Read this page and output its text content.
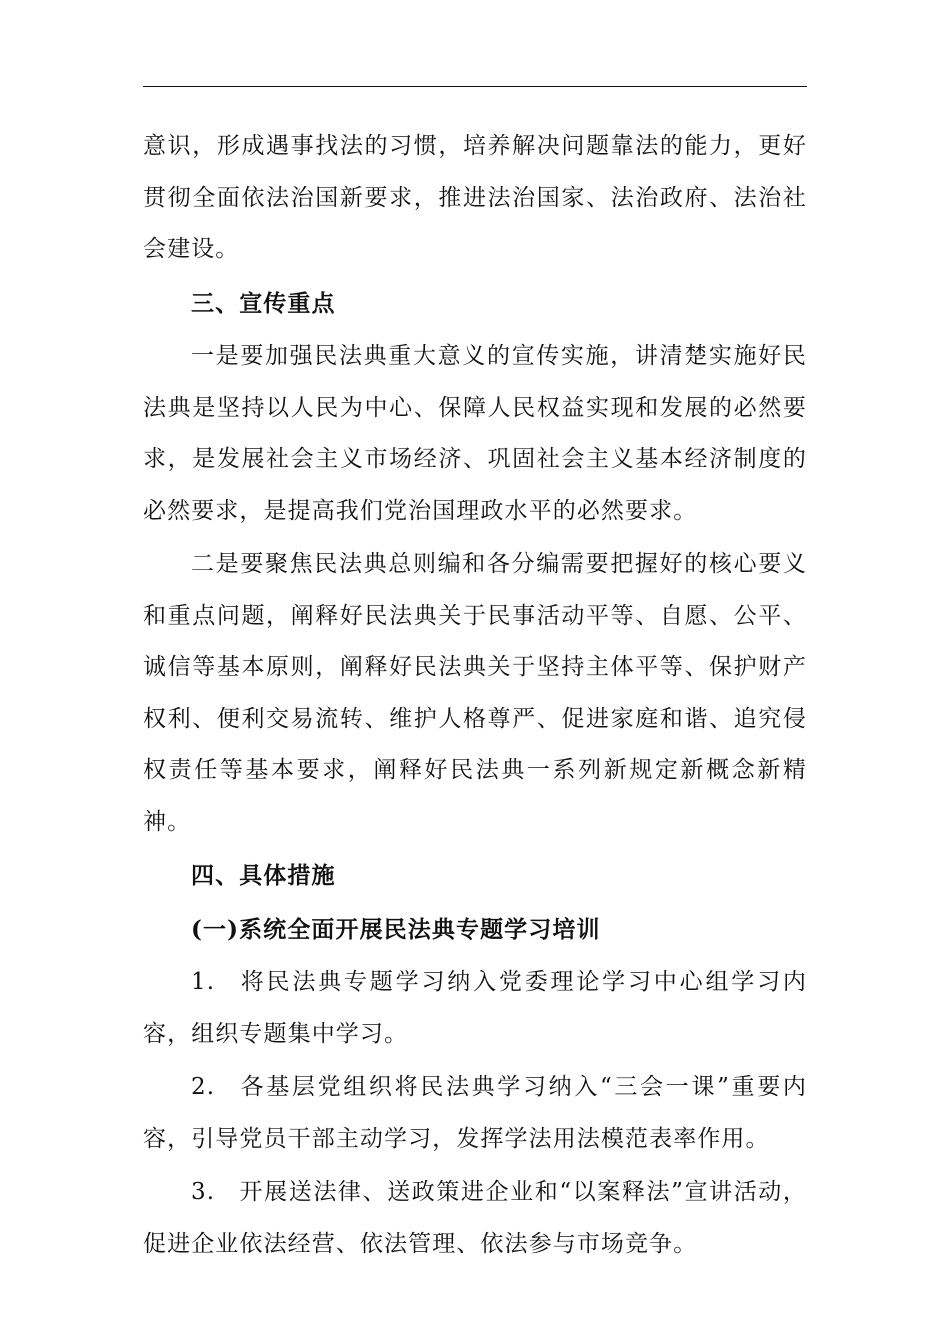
意识，形成遇事找法的习惯，培养解决问题靠法的能力，更好贯彻全面依法治国新要求，推进法治国家、法治政府、法治社会建设。

三、宣传重点

一是要加强民法典重大意义的宣传实施，讲清楚实施好民法典是坚持以人民为中心、保障人民权益实现和发展的必然要求，是发展社会主义市场经济、巩固社会主义基本经济制度的必然要求，是提高我们党治国理政水平的必然要求。

二是要聚焦民法典总则编和各分编需要把握好的核心要义和重点问题，阐释好民法典关于民事活动平等、自愿、公平、诚信等基本原则，阐释好民法典关于坚持主体平等、保护财产权利、便利交易流转、维护人格尊严、促进家庭和谐、追究侵权责任等基本要求，阐释好民法典一系列新规定新概念新精神。

四、具体措施

(一)系统全面开展民法典专题学习培训

1. 将民法典专题学习纳入党委理论学习中心组学习内容，组织专题集中学习。

2. 各基层党组织将民法典学习纳入“三会一课”重要内容，引导党员干部主动学习，发挥学法用法模范表率作用。

3. 开展送法律、送政策进企业和“以案释法”宣讲活动，促进企业依法经营、依法管理、依法参与市场竞争。
